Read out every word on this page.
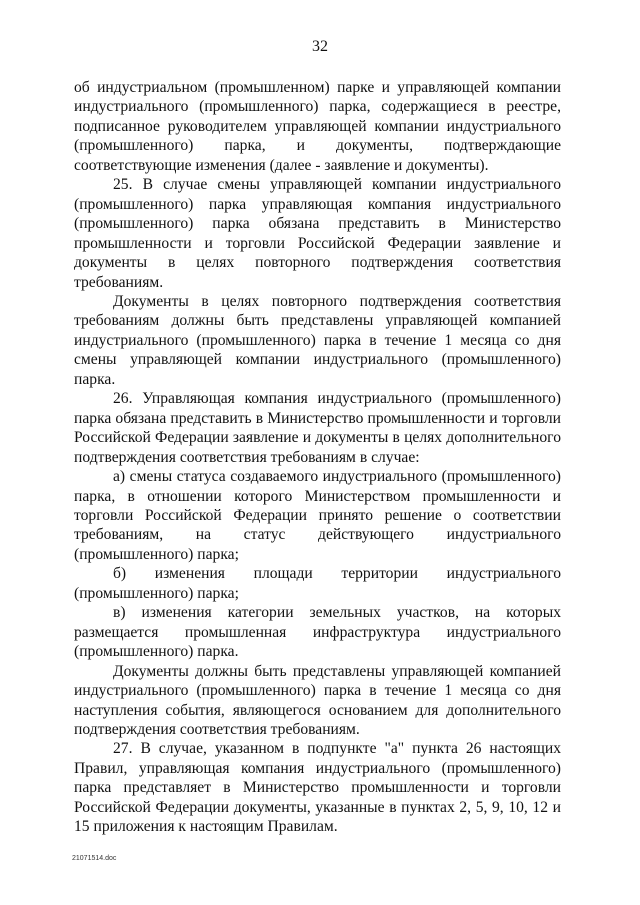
32

об индустриальном (промышленном) парке и управляющей компании индустриального (промышленного) парка, содержащиеся в реестре, подписанное руководителем управляющей компании индустриального (промышленного) парка, и документы, подтверждающие соответствующие изменения (далее - заявление и документы).

25. В случае смены управляющей компании индустриального (промышленного) парка управляющая компания индустриального (промышленного) парка обязана представить в Министерство промышленности и торговли Российской Федерации заявление и документы в целях повторного подтверждения соответствия требованиям.

Документы в целях повторного подтверждения соответствия требованиям должны быть представлены управляющей компанией индустриального (промышленного) парка в течение 1 месяца со дня смены управляющей компании индустриального (промышленного) парка.

26. Управляющая компания индустриального (промышленного) парка обязана представить в Министерство промышленности и торговли Российской Федерации заявление и документы в целях дополнительного подтверждения соответствия требованиям в случае:

а) смены статуса создаваемого индустриального (промышленного) парка, в отношении которого Министерством промышленности и торговли Российской Федерации принято решение о соответствии требованиям, на статус действующего индустриального (промышленного) парка;

б) изменения площади территории индустриального (промышленного) парка;

в) изменения категории земельных участков, на которых размещается промышленная инфраструктура индустриального (промышленного) парка.

Документы должны быть представлены управляющей компанией индустриального (промышленного) парка в течение 1 месяца со дня наступления события, являющегося основанием для дополнительного подтверждения соответствия требованиям.

27. В случае, указанном в подпункте "а" пункта 26 настоящих Правил, управляющая компания индустриального (промышленного) парка представляет в Министерство промышленности и торговли Российской Федерации документы, указанные в пунктах 2, 5, 9, 10, 12 и 15 приложения к настоящим Правилам.

21071514.doc
